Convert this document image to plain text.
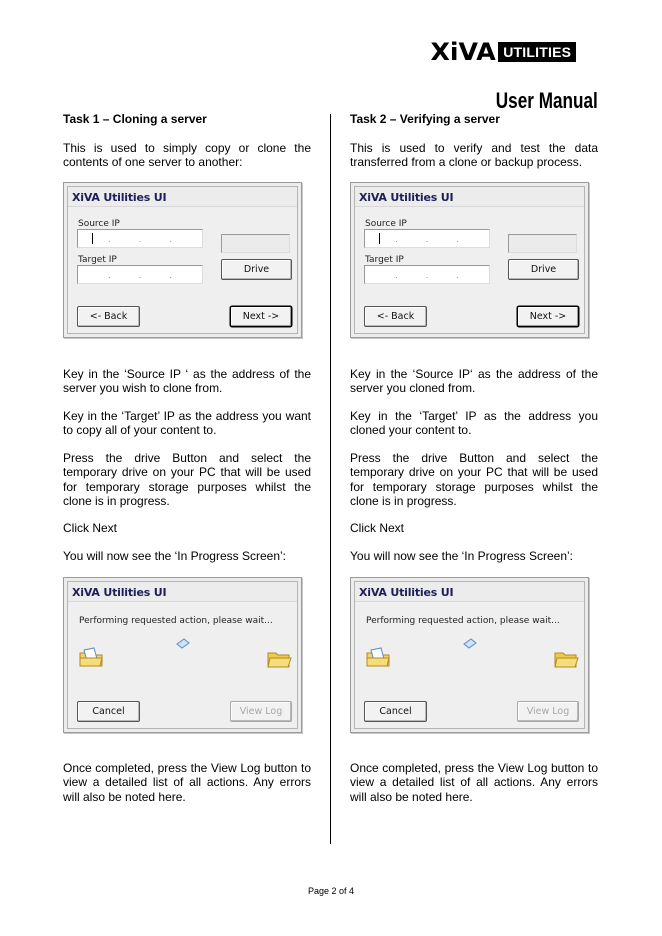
XiVA UTILITIES
User Manual
Task 1 – Cloning a server
This is used to simply copy or clone the contents of one server to another:
XiVA Utilities UI
Source IP
.	.	.
Target IP
.	.	.	Drive
<- Back	Next ->
Key in the ‘Source IP ‘ as the address of the server you wish to clone from.
Key in the ‘Target’ IP as the address you want to copy all of your content to.
Press the drive Button and select the temporary drive on your PC that will be used for temporary storage purposes whilst the clone is in progress.
Click Next
You will now see the ‘In Progress Screen’:
XiVA Utilities UI
Performing requested action, please wait...
Cancel	View Log
Once completed, press the View Log button to view a detailed list of all actions. Any errors will also be noted here.
Task 2 – Verifying a server
This is used to verify and test the data transferred from a clone or backup process.
XiVA Utilities UI
Source IP
.	.	.
Target IP
.	.	.	Drive
<- Back	Next ->
Key in the ‘Source IP‘ as the address of the server you cloned from.
Key in the ‘Target’ IP as the address you cloned your content to.
Press the drive Button and select the temporary drive on your PC that will be used for temporary storage purposes whilst the clone is in progress.
Click Next
You will now see the ‘In Progress Screen’:
XiVA Utilities UI
Performing requested action, please wait...
Cancel	View Log
Once completed, press the View Log button to view a detailed list of all actions. Any errors will also be noted here.
Page 2 of 4
